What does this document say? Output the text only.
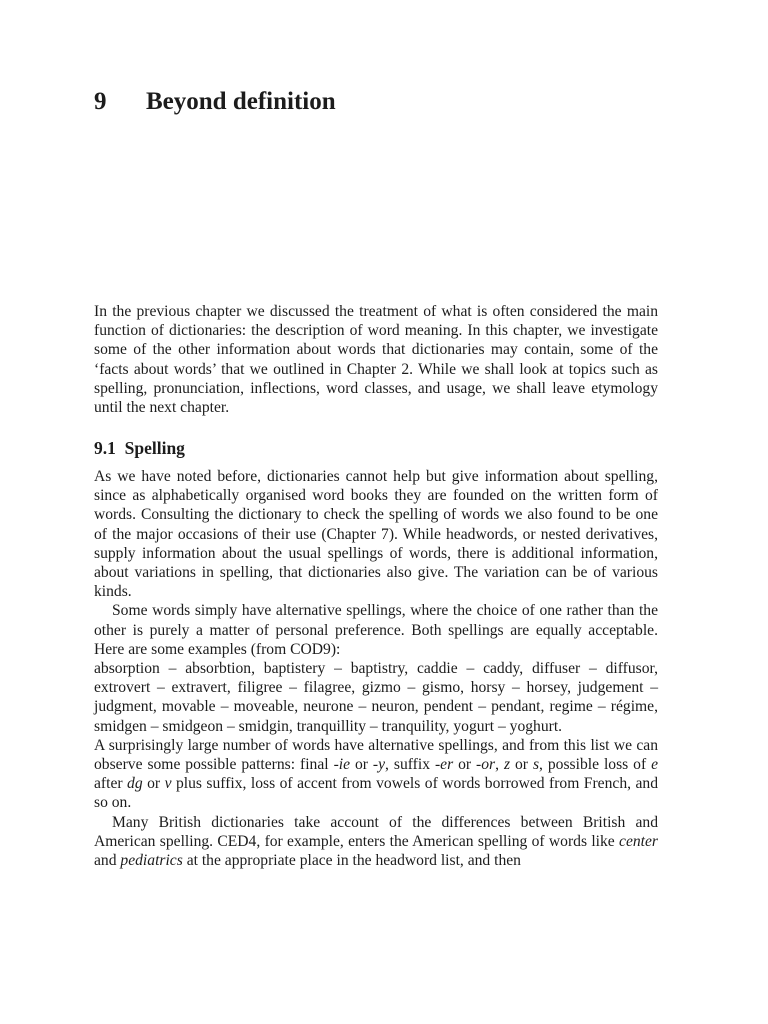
9 Beyond definition

In the previous chapter we discussed the treatment of what is often considered the main function of dictionaries: the description of word meaning. In this chapter, we investigate some of the other information about words that dictionaries may contain, some of the ‘facts about words’ that we outlined in Chapter 2. While we shall look at topics such as spelling, pronunciation, inflections, word classes, and usage, we shall leave etymology until the next chapter.

9.1 Spelling

As we have noted before, dictionaries cannot help but give information about spelling, since as alphabetically organised word books they are founded on the written form of words. Consulting the dictionary to check the spelling of words we also found to be one of the major occasions of their use (Chapter 7). While headwords, or nested derivatives, supply information about the usual spellings of words, there is additional information, about variations in spelling, that dictionaries also give. The variation can be of various kinds.

Some words simply have alternative spellings, where the choice of one rather than the other is purely a matter of personal preference. Both spellings are equally acceptable. Here are some examples (from COD9):

absorption – absorbtion, baptistery – baptistry, caddie – caddy, diffuser – diffusor, extrovert – extravert, filigree – filagree, gizmo – gismo, horsy – horsey, judgement – judgment, movable – moveable, neurone – neuron, pendent – pendant, regime – régime, smidgen – smidgeon – smidgin, tranquillity – tranquility, yogurt – yoghurt.

A surprisingly large number of words have alternative spellings, and from this list we can observe some possible patterns: final -ie or -y, suffix -er or -or, z or s, possible loss of e after dg or v plus suffix, loss of accent from vowels of words borrowed from French, and so on.

Many British dictionaries take account of the differences between British and American spelling. CED4, for example, enters the American spelling of words like center and pediatrics at the appropriate place in the headword list, and then
